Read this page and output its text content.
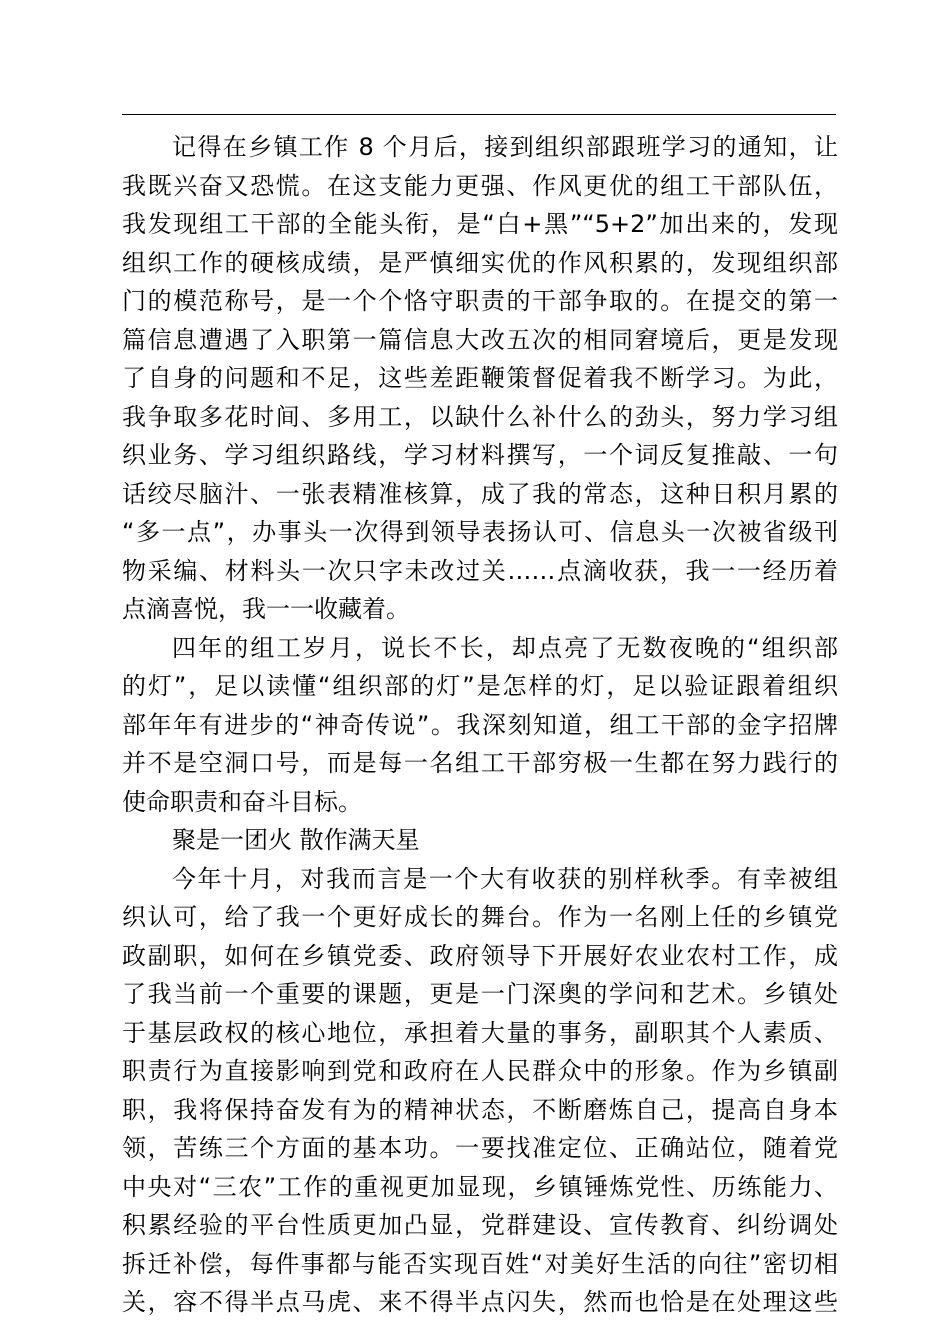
记得在乡镇工作 8 个月后，接到组织部跟班学习的通知，让
我既兴奋又恐慌。在这支能力更强、作风更优的组工干部队伍，
我发现组工干部的全能头衔，是“白+黑”“5+2”加出来的，发现
组织工作的硬核成绩，是严慎细实优的作风积累的，发现组织部
门的模范称号，是一个个恪守职责的干部争取的。在提交的第一
篇信息遭遇了入职第一篇信息大改五次的相同窘境后，更是发现
了自身的问题和不足，这些差距鞭策督促着我不断学习。为此，
我争取多花时间、多用工，以缺什么补什么的劲头，努力学习组
织业务、学习组织路线，学习材料撰写，一个词反复推敲、一句
话绞尽脑汁、一张表精准核算，成了我的常态，这种日积月累的
“多一点”，办事头一次得到领导表扬认可、信息头一次被省级刊
物采编、材料头一次只字未改过关……点滴收获，我一一经历着
点滴喜悦，我一一收藏着。
四年的组工岁月，说长不长，却点亮了无数夜晚的“组织部
的灯”，足以读懂“组织部的灯”是怎样的灯，足以验证跟着组织
部年年有进步的“神奇传说”。我深刻知道，组工干部的金字招牌
并不是空洞口号，而是每一名组工干部穷极一生都在努力践行的
使命职责和奋斗目标。
聚是一团火 散作满天星
今年十月，对我而言是一个大有收获的别样秋季。有幸被组
织认可，给了我一个更好成长的舞台。作为一名刚上任的乡镇党
政副职，如何在乡镇党委、政府领导下开展好农业农村工作，成
了我当前一个重要的课题，更是一门深奥的学问和艺术。乡镇处
于基层政权的核心地位，承担着大量的事务，副职其个人素质、
职责行为直接影响到党和政府在人民群众中的形象。作为乡镇副
职，我将保持奋发有为的精神状态，不断磨炼自己，提高自身本
领，苦练三个方面的基本功。一要找准定位、正确站位，随着党
中央对“三农”工作的重视更加显现，乡镇锤炼党性、历练能力、
积累经验的平台性质更加凸显，党群建设、宣传教育、纠纷调处
拆迁补偿，每件事都与能否实现百姓“对美好生活的向往”密切相
关，容不得半点马虎、来不得半点闪失，然而也恰是在处理这些
